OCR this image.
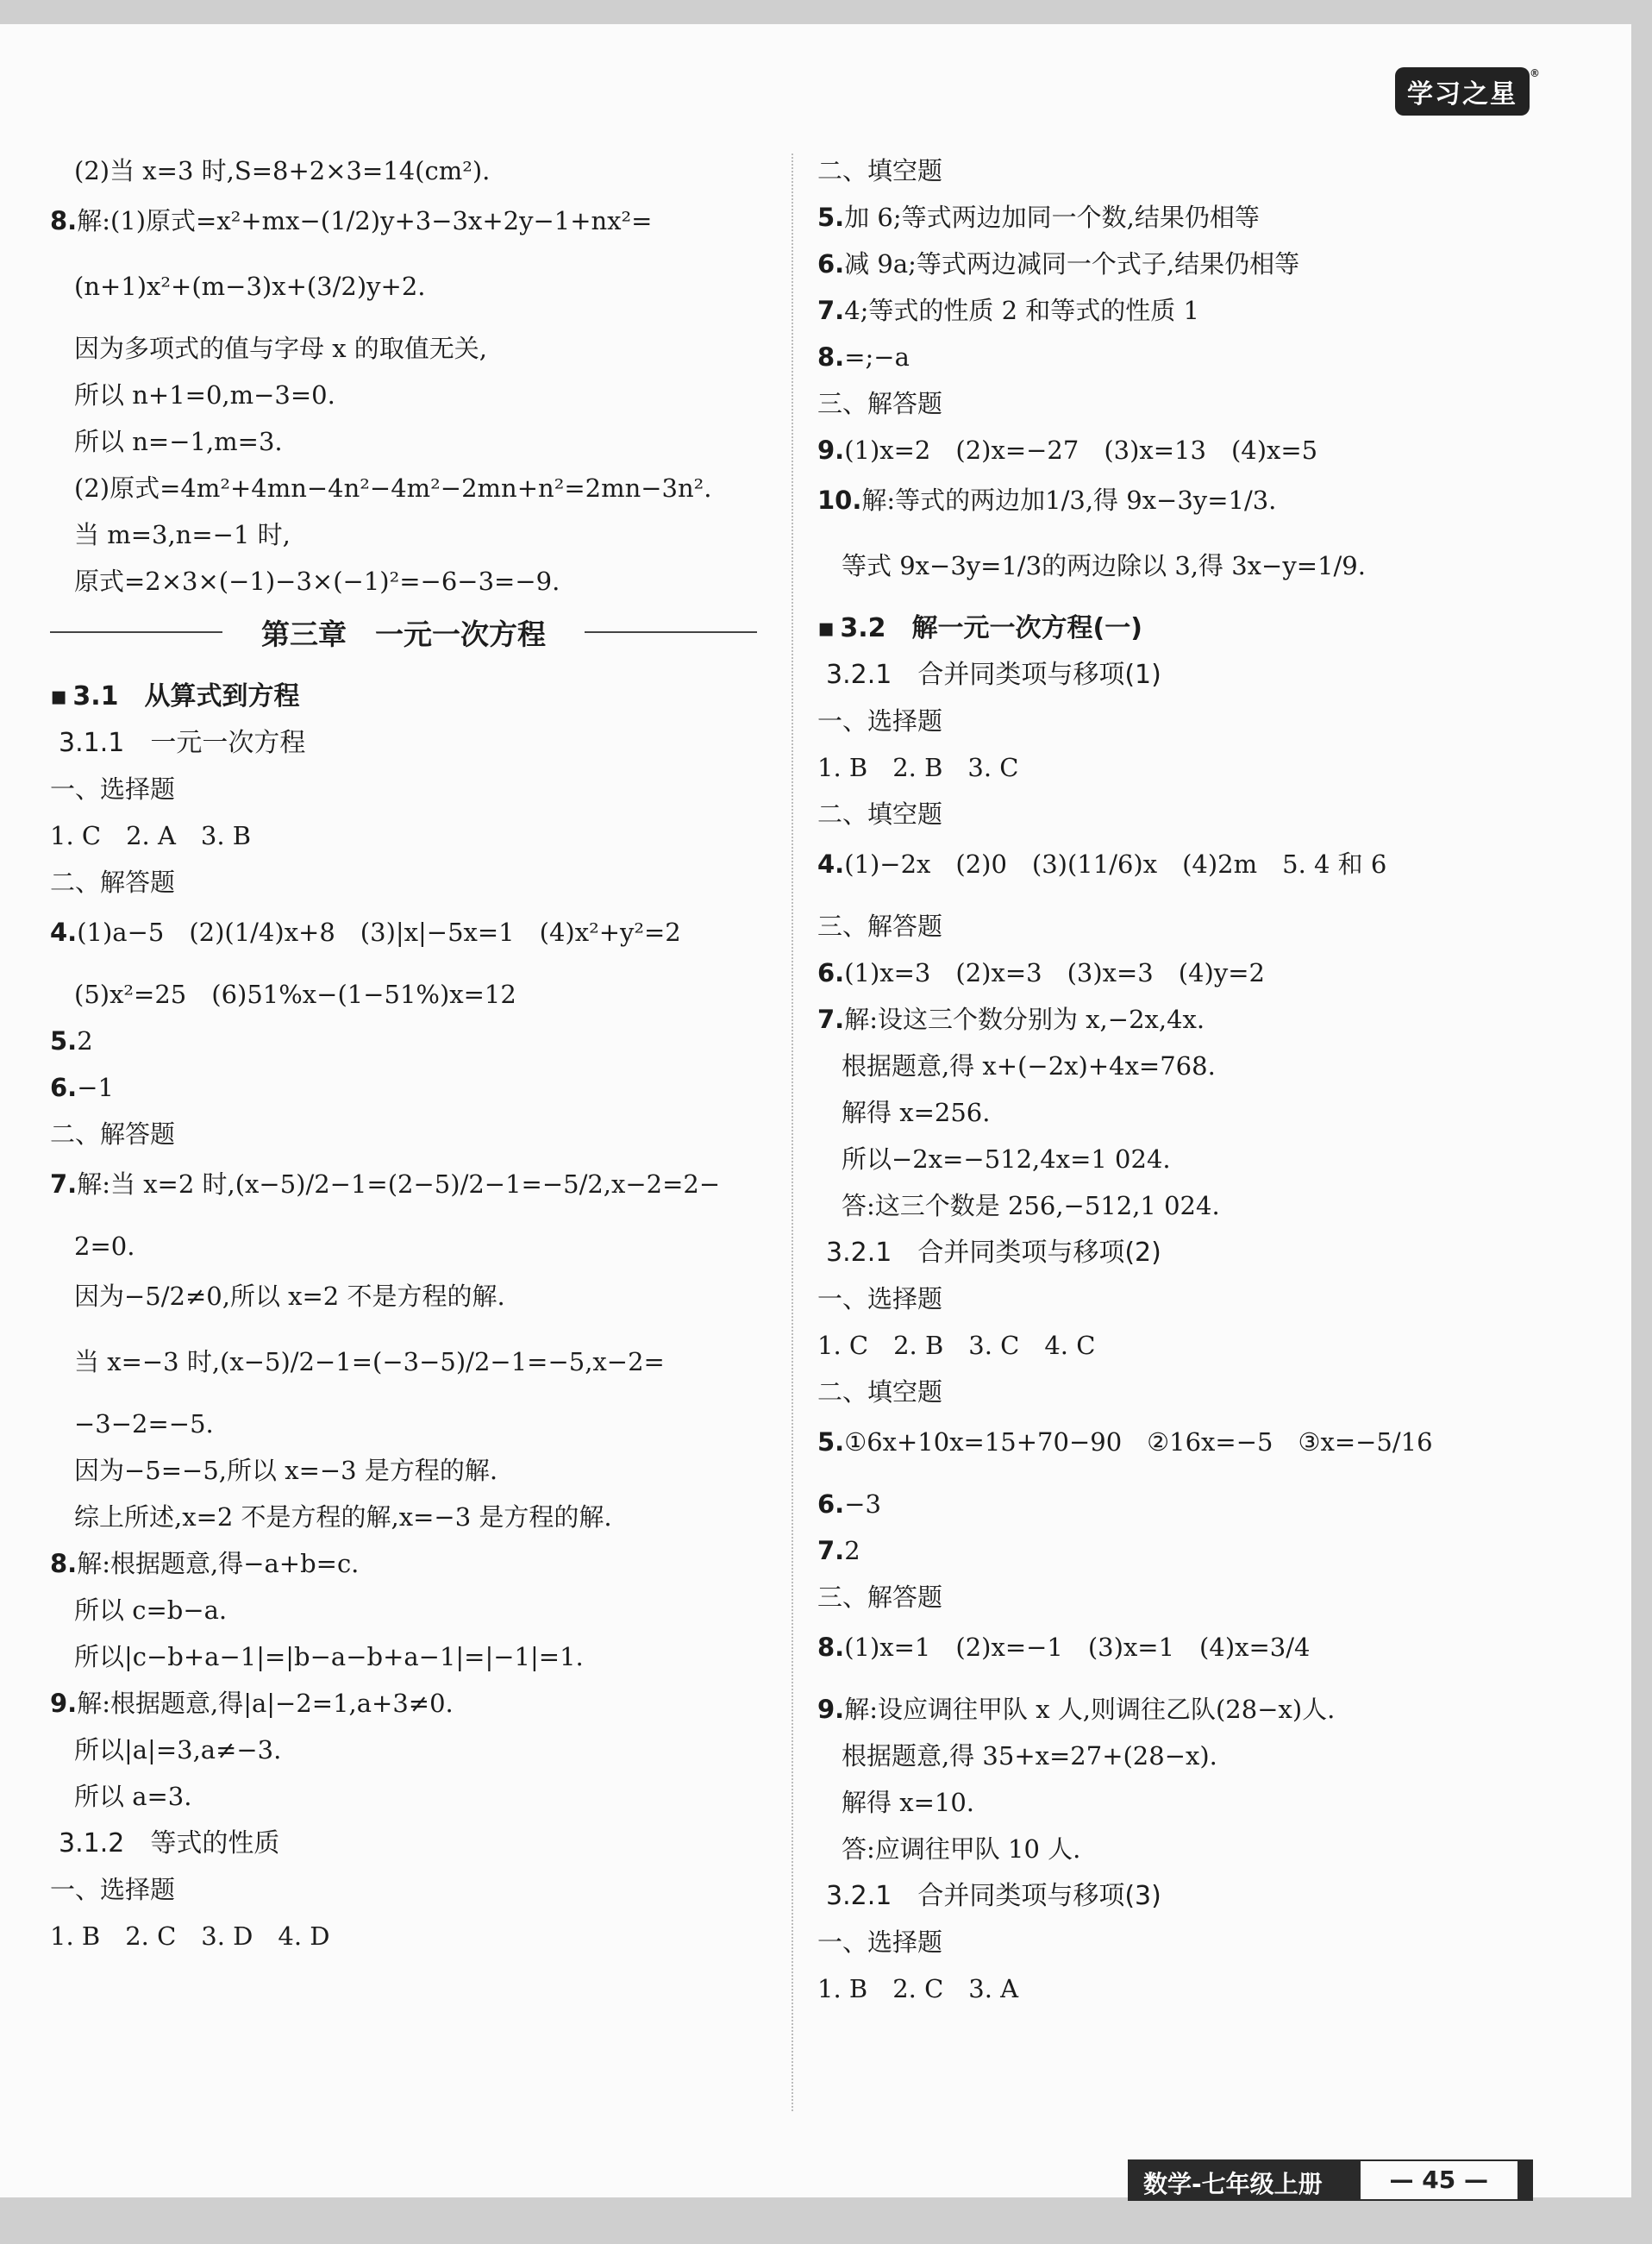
学习之星
®
(2)当 x=3 时,S=8+2×3=14(cm²).
8.解:(1)原式=x²+mx−(1/2)y+3−3x+2y−1+nx²=
(n+1)x²+(m−3)x+(3/2)y+2.
因为多项式的值与字母 x 的取值无关,
所以 n+1=0,m−3=0.
所以 n=−1,m=3.
(2)原式=4m²+4mn−4n²−4m²−2mn+n²=2mn−3n².
当 m=3,n=−1 时,
原式=2×3×(−1)−3×(−1)²=−6−3=−9.
第三章　一元一次方程
▪ 3.1　从算式到方程
3.1.1　一元一次方程
一、选择题
1. C　2. A　3. B
二、解答题
4.(1)a−5　(2)(1/4)x+8　(3)|x|−5x=1　(4)x²+y²=2
(5)x²=25　(6)51%x−(1−51%)x=12
5.2
6.−1
二、解答题
7.解:当 x=2 时,(x−5)/2−1=(2−5)/2−1=−5/2,x−2=2−
2=0.
因为−5/2≠0,所以 x=2 不是方程的解.
当 x=−3 时,(x−5)/2−1=(−3−5)/2−1=−5,x−2=
−3−2=−5.
因为−5=−5,所以 x=−3 是方程的解.
综上所述,x=2 不是方程的解,x=−3 是方程的解.
8.解:根据题意,得−a+b=c.
所以 c=b−a.
所以|c−b+a−1|=|b−a−b+a−1|=|−1|=1.
9.解:根据题意,得|a|−2=1,a+3≠0.
所以|a|=3,a≠−3.
所以 a=3.
3.1.2　等式的性质
一、选择题
1. B　2. C　3. D　4. D
二、填空题
5.加 6;等式两边加同一个数,结果仍相等
6.减 9a;等式两边减同一个式子,结果仍相等
7.4;等式的性质 2 和等式的性质 1
8.=;−a
三、解答题
9.(1)x=2　(2)x=−27　(3)x=13　(4)x=5
10.解:等式的两边加1/3,得 9x−3y=1/3.
等式 9x−3y=1/3的两边除以 3,得 3x−y=1/9.
▪ 3.2　解一元一次方程(一)
3.2.1　合并同类项与移项(1)
一、选择题
1. B　2. B　3. C
二、填空题
4.(1)−2x　(2)0　(3)(11/6)x　(4)2m　5. 4 和 6
三、解答题
6.(1)x=3　(2)x=3　(3)x=3　(4)y=2
7.解:设这三个数分别为 x,−2x,4x.
根据题意,得 x+(−2x)+4x=768.
解得 x=256.
所以−2x=−512,4x=1 024.
答:这三个数是 256,−512,1 024.
3.2.1　合并同类项与移项(2)
一、选择题
1. C　2. B　3. C　4. C
二、填空题
5.①6x+10x=15+70−90　②16x=−5　③x=−5/16
6.−3
7.2
三、解答题
8.(1)x=1　(2)x=−1　(3)x=1　(4)x=3/4
9.解:设应调往甲队 x 人,则调往乙队(28−x)人.
根据题意,得 35+x=27+(28−x).
解得 x=10.
答:应调往甲队 10 人.
3.2.1　合并同类项与移项(3)
一、选择题
1. B　2. C　3. A
数学-七年级上册	— 45 —
